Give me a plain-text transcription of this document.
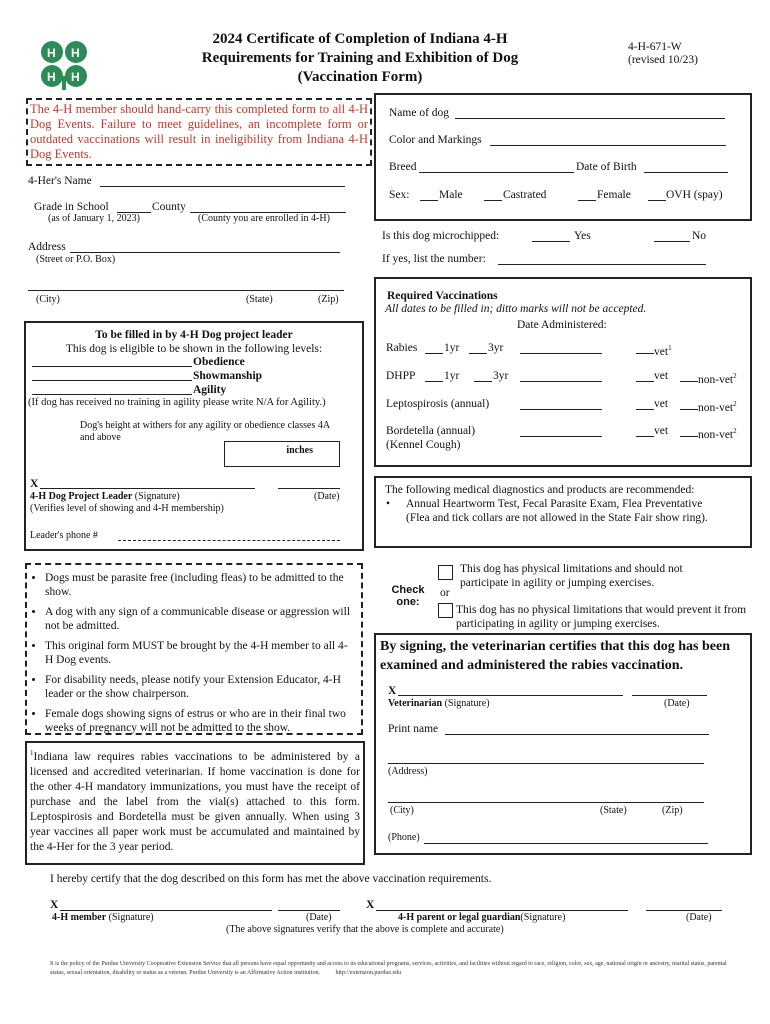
H H
H H
2024 Certificate of Completion of Indiana 4-H
Requirements for Training and Exhibition of Dog
(Vaccination Form)
4-H-671-W
(revised 10/23)
The 4-H member should hand-carry this completed form to all 4-H Dog Events. Failure to meet guidelines, an incomplete form or outdated vaccinations will result in ineligibility from Indiana 4-H Dog Events.
4-Her's Name
Grade in School	County
(as of January 1, 2023)	(County you are enrolled in 4-H)
Address
(Street or P.O. Box)
(City)	(State)	(Zip)
To be filled in by 4-H Dog project leader
This dog is eligible to be shown in the following levels:
Obedience
Showmanship
Agility
(If dog has received no training in agility please write N/A for Agility.)
Dog's height at withers for any agility or obedience classes 4A and above
inches
X
4-H Dog Project Leader (Signature)	(Date)
(Verifies level of showing and 4-H membership)
Leader's phone #
• Dogs must be parasite free (including fleas) to be admitted to the show.
• A dog with any sign of a communicable disease or aggression will not be admitted.
• This original form MUST be brought by the 4-H member to all 4-H Dog events.
• For disability needs, please notify your Extension Educator, 4-H leader or the show chairperson.
• Female dogs showing signs of estrus or who are in their final two weeks of pregnancy will not be admitted to the show.
$^1$Indiana law requires rabies vaccinations to be administered by a licensed and accredited veterinarian. If home vaccination is done for the other 4-H mandatory immunizations, you must have the receipt of purchase and the label from the vial(s) attached to this form. Leptospirosis and Bordetella must be given annually. When using 3 year vaccines all paper work must be accumulated and maintained by the 4-Her for the 3 year period.
Name of dog
Color and Markings
Breed	Date of Birth
Sex:	Male	Castrated	Female	OVH (spay)
Is this dog microchipped:	Yes	No
If yes, list the number:
Required Vaccinations
All dates to be filled in; ditto marks will not be accepted.
Date Administered:
Rabies 1yr 3yr	vet$^1$
DHPP 1yr	3yr	vet	non-vet$^2$
Leptospirosis (annual)	vet	non-vet$^2$
Bordetella (annual)
(Kennel Cough)
vet	non-vet$^2$
The following medical diagnostics and products are recommended:
• Annual Heartworm Test, Fecal Parasite Exam, Flea Preventative (Flea and tick collars are not allowed in the State Fair show ring).
Check one:
This dog has physical limitations and should not participate in agility or jumping exercises.
or
This dog has no physical limitations that would prevent it from participating in agility or jumping exercises.
By signing, the veterinarian certifies that this dog has been examined and administered the rabies vaccination.
X
Veterinarian (Signature)	(Date)
Print name
(Address)
(City)	(State)	(Zip)
(Phone)
I hereby certify that the dog described on this form has met the above vaccination requirements.
X	X
4-H member (Signature)	(Date)	4-H parent or legal guardian(Signature)	(Date)
(The above signatures verify that the above is complete and accurate)
It is the policy of the Purdue University Cooperative Extension Service that all persons have equal opportunity and access to its educational programs, services, activities, and facilities without regard to race, religion, color, sex, age, national origin or ancestry, marital status, parental status, sexual orientation, disability or status as a veteran. Purdue University is an Affirmative Action institution.	http://extension.purdue.edu
